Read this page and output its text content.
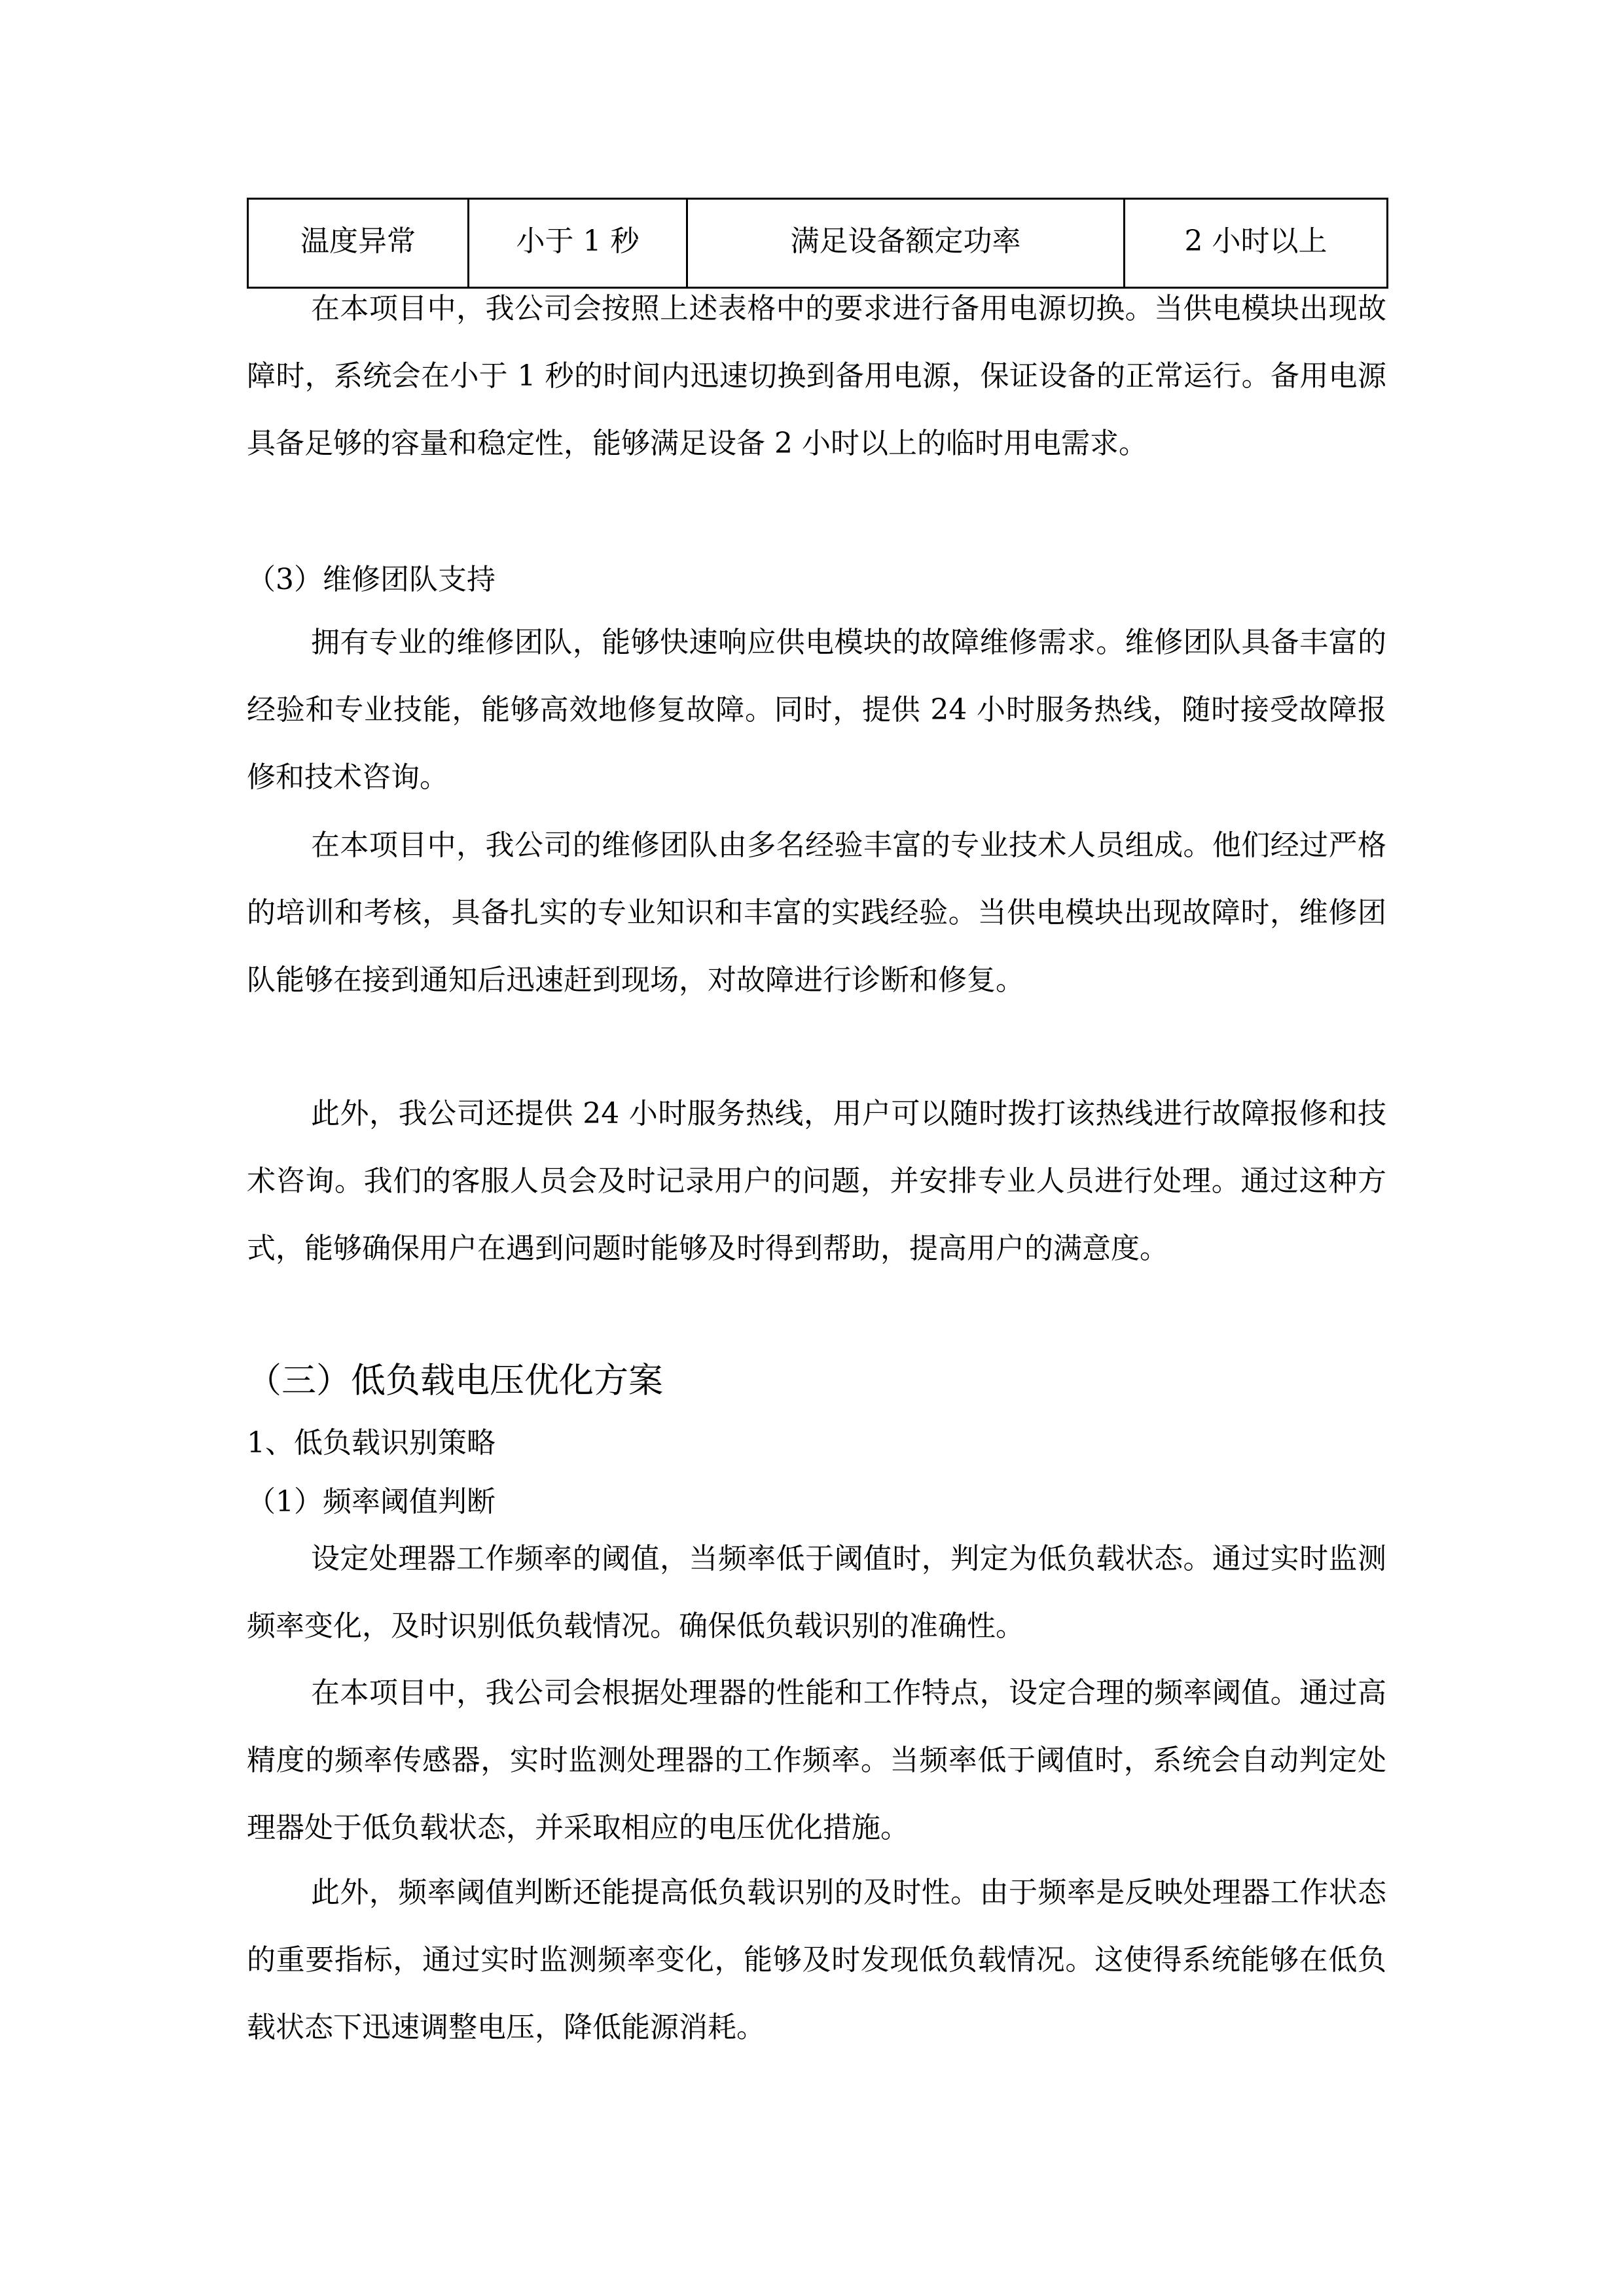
温度异常	小于 1 秒	满足设备额定功率	2 小时以上

在本项目中，我公司会按照上述表格中的要求进行备用电源切换。当供电模块出现故障时，系统会在小于 1 秒的时间内迅速切换到备用电源，保证设备的正常运行。备用电源具备足够的容量和稳定性，能够满足设备 2 小时以上的临时用电需求。

（3）维修团队支持

拥有专业的维修团队，能够快速响应供电模块的故障维修需求。维修团队具备丰富的经验和专业技能，能够高效地修复故障。同时，提供 24 小时服务热线，随时接受故障报修和技术咨询。

在本项目中，我公司的维修团队由多名经验丰富的专业技术人员组成。他们经过严格的培训和考核，具备扎实的专业知识和丰富的实践经验。当供电模块出现故障时，维修团队能够在接到通知后迅速赶到现场，对故障进行诊断和修复。

此外，我公司还提供 24 小时服务热线，用户可以随时拨打该热线进行故障报修和技术咨询。我们的客服人员会及时记录用户的问题，并安排专业人员进行处理。通过这种方式，能够确保用户在遇到问题时能够及时得到帮助，提高用户的满意度。

（三）低负载电压优化方案

1、低负载识别策略

（1）频率阈值判断

设定处理器工作频率的阈值，当频率低于阈值时，判定为低负载状态。通过实时监测频率变化，及时识别低负载情况。确保低负载识别的准确性。

在本项目中，我公司会根据处理器的性能和工作特点，设定合理的频率阈值。通过高精度的频率传感器，实时监测处理器的工作频率。当频率低于阈值时，系统会自动判定处理器处于低负载状态，并采取相应的电压优化措施。

此外，频率阈值判断还能提高低负载识别的及时性。由于频率是反映处理器工作状态的重要指标，通过实时监测频率变化，能够及时发现低负载情况。这使得系统能够在低负载状态下迅速调整电压，降低能源消耗。
